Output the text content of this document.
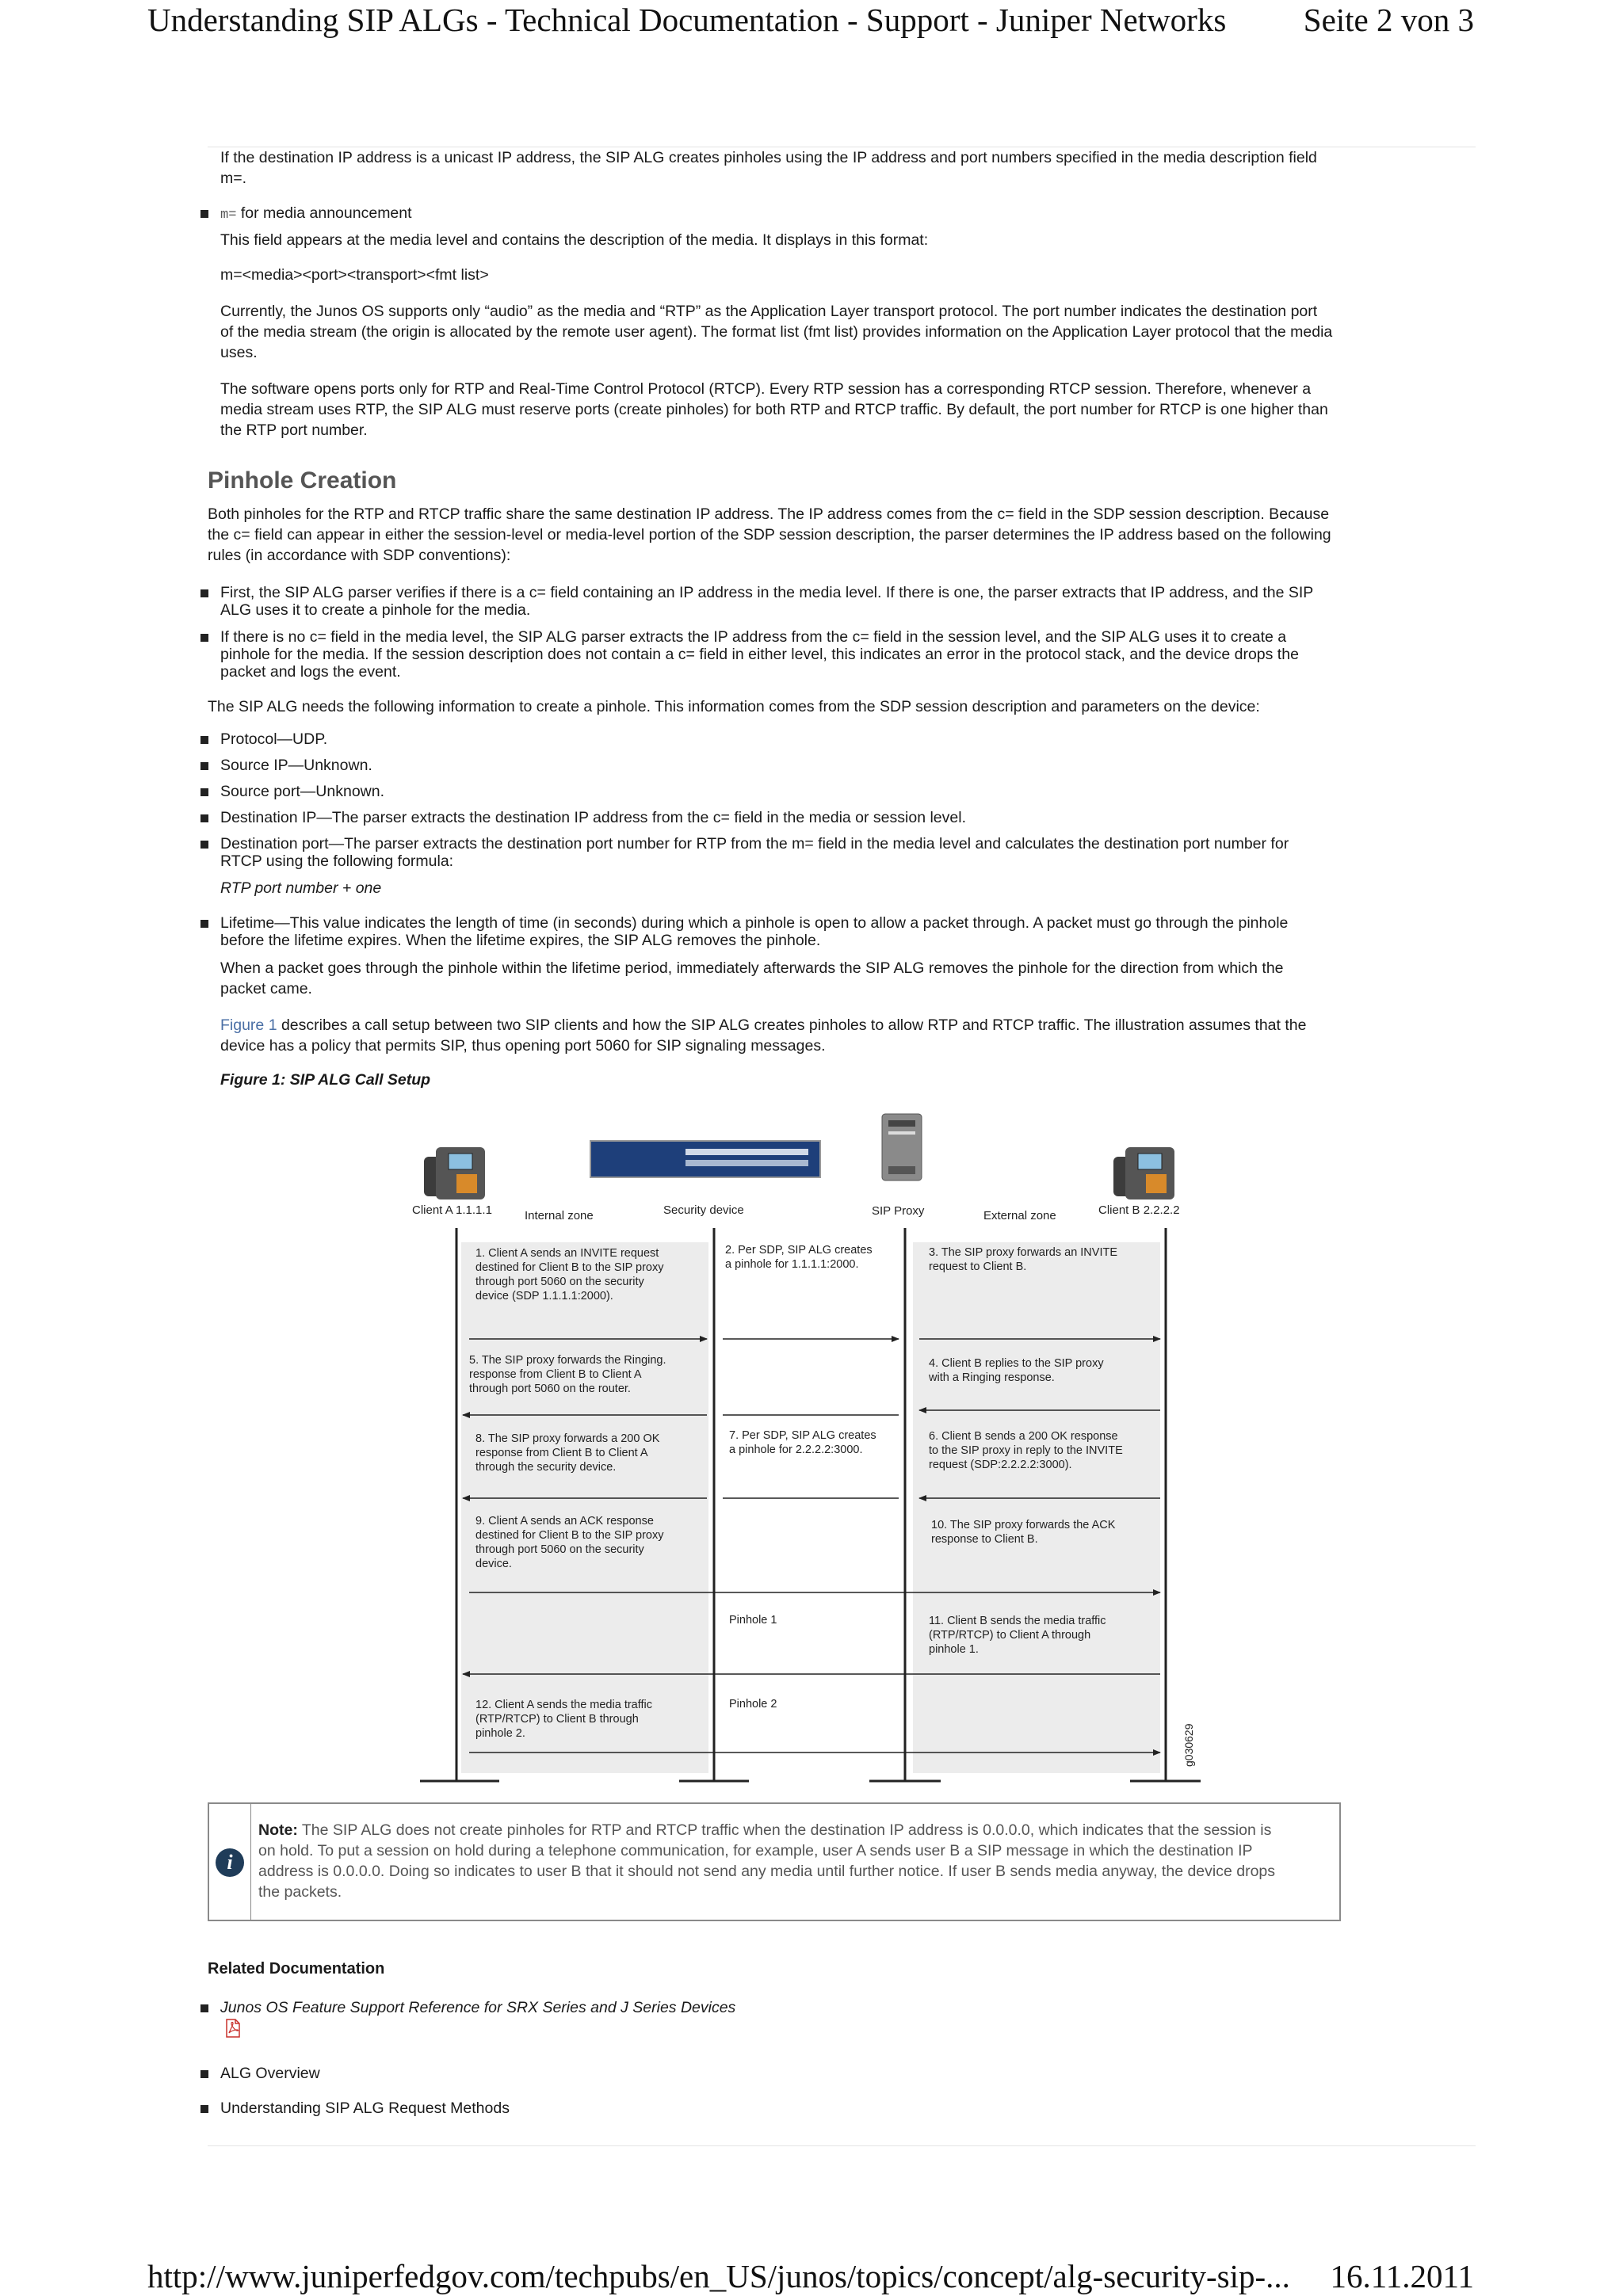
Understanding SIP ALGs - Technical Documentation - Support - Juniper Networks Seite 2 von 3
If the destination IP address is a unicast IP address, the SIP ALG creates pinholes using the IP address and port numbers specified in the media description field
m=.
m= for media announcement
This field appears at the media level and contains the description of the media. It displays in this format:
m=<media><port><transport><fmt list>
Currently, the Junos OS supports only “audio” as the media and “RTP” as the Application Layer transport protocol. The port number indicates the destination port
of the media stream (the origin is allocated by the remote user agent). The format list (fmt list) provides information on the Application Layer protocol that the media
uses.
The software opens ports only for RTP and Real-Time Control Protocol (RTCP). Every RTP session has a corresponding RTCP session. Therefore, whenever a
media stream uses RTP, the SIP ALG must reserve ports (create pinholes) for both RTP and RTCP traffic. By default, the port number for RTCP is one higher than
the RTP port number.
Pinhole Creation
Both pinholes for the RTP and RTCP traffic share the same destination IP address. The IP address comes from the c= field in the SDP session description. Because
the c= field can appear in either the session-level or media-level portion of the SDP session description, the parser determines the IP address based on the following
rules (in accordance with SDP conventions):
First, the SIP ALG parser verifies if there is a c= field containing an IP address in the media level. If there is one, the parser extracts that IP address, and the SIP
ALG uses it to create a pinhole for the media.
If there is no c= field in the media level, the SIP ALG parser extracts the IP address from the c= field in the session level, and the SIP ALG uses it to create a
pinhole for the media. If the session description does not contain a c= field in either level, this indicates an error in the protocol stack, and the device drops the
packet and logs the event.
The SIP ALG needs the following information to create a pinhole. This information comes from the SDP session description and parameters on the device:
Protocol—UDP.
Source IP—Unknown.
Source port—Unknown.
Destination IP—The parser extracts the destination IP address from the c= field in the media or session level.
Destination port—The parser extracts the destination port number for RTP from the m= field in the media level and calculates the destination port number for
RTCP using the following formula:
RTP port number + one
Lifetime—This value indicates the length of time (in seconds) during which a pinhole is open to allow a packet through. A packet must go through the pinhole
before the lifetime expires. When the lifetime expires, the SIP ALG removes the pinhole.
When a packet goes through the pinhole within the lifetime period, immediately afterwards the SIP ALG removes the pinhole for the direction from which the
packet came.
Figure 1 describes a call setup between two SIP clients and how the SIP ALG creates pinholes to allow RTP and RTCP traffic. The illustration assumes that the
device has a policy that permits SIP, thus opening port 5060 for SIP signaling messages.
Figure 1: SIP ALG Call Setup
Client A 1.1.1.1	Internal zone	Security device	SIP Proxy	External zone	Client B 2.2.2.2
1. Client A sends an INVITE request destined for Client B to the SIP proxy through port 5060 on the security device (SDP 1.1.1.1:2000).
2. Per SDP, SIP ALG creates a pinhole for 1.1.1.1:2000.
3. The SIP proxy forwards an INVITE request to Client B.
4. Client B replies to the SIP proxy with a Ringing response.
5. The SIP proxy forwards the Ringing. response from Client B to Client A through port 5060 on the router.
6. Client B sends a 200 OK response to the SIP proxy in reply to the INVITE request (SDP:2.2.2.2:3000).
7. Per SDP, SIP ALG creates a pinhole for 2.2.2.2:3000.
8. The SIP proxy forwards a 200 OK response from Client B to Client A through the security device.
9. Client A sends an ACK response destined for Client B to the SIP proxy through port 5060 on the security device.
10. The SIP proxy forwards the ACK response to Client B.
Pinhole 1	11. Client B sends the media traffic (RTP/RTCP) to Client A through pinhole 1.
Pinhole 2
12. Client A sends the media traffic (RTP/RTCP) to Client B through pinhole 2.	g030629
i
Note: The SIP ALG does not create pinholes for RTP and RTCP traffic when the destination IP address is 0.0.0.0, which indicates that the session is
on hold. To put a session on hold during a telephone communication, for example, user A sends user B a SIP message in which the destination IP
address is 0.0.0.0. Doing so indicates to user B that it should not send any media until further notice. If user B sends media anyway, the device drops
the packets.
Related Documentation
Junos OS Feature Support Reference for SRX Series and J Series Devices
ALG Overview
Understanding SIP ALG Request Methods
http://www.juniperfedgov.com/techpubs/en_US/junos/topics/concept/alg-security-sip-... 16.11.2011
